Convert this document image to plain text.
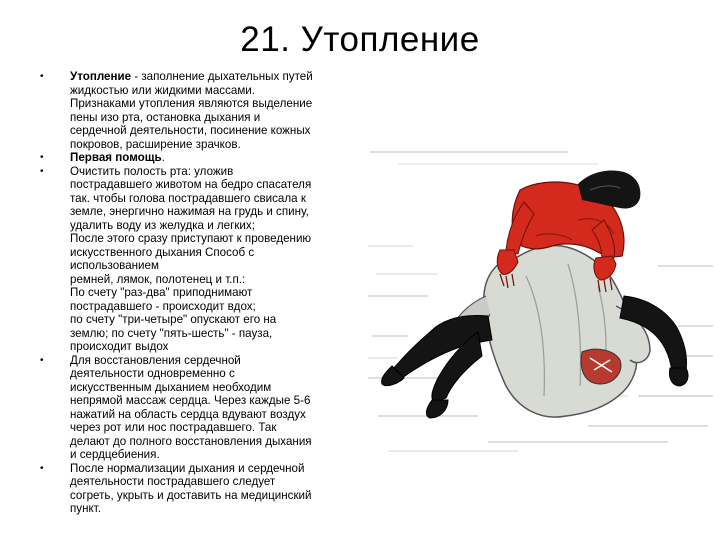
21. Утопление
• Утопление - заполнение дыхательных путей
жидкостью или жидкими массами.
Признаками утопления являются выделение
пены изо рта, остановка дыхания и
сердечной деятельности, посинение кожных
покровов, расширение зрачков.
• Первая помощь.
• Очистить полость рта: уложив
пострадавшего животом на бедро спасателя
так. чтобы голова пострадавшего свисала к
земле, энергично нажимая на грудь и спину,
удалить воду из желудка и легких;
После этого сразу приступают к проведению
искусственного дыхания Способ с
использованием
ремней, лямок, полотенец и т.п.:
По счету "раз-два" приподнимают
пострадавшего - происходит вдох;
по счету "три-четыре" опускают его на
землю; по счету "пять-шесть" - пауза,
происходит выдох
• Для восстановления сердечной
деятельности одновременно с
искусственным дыханием необходим
непрямой массаж сердца. Через каждые 5-6
нажатий на область сердца вдувают воздух
через рот или нос пострадавшего. Так
делают до полного восстановления дыхания
и сердцебиения.
• После нормализации дыхания и сердечной
деятельности пострадавшего следует
согреть, укрыть и доставить на медицинский
пункт.
